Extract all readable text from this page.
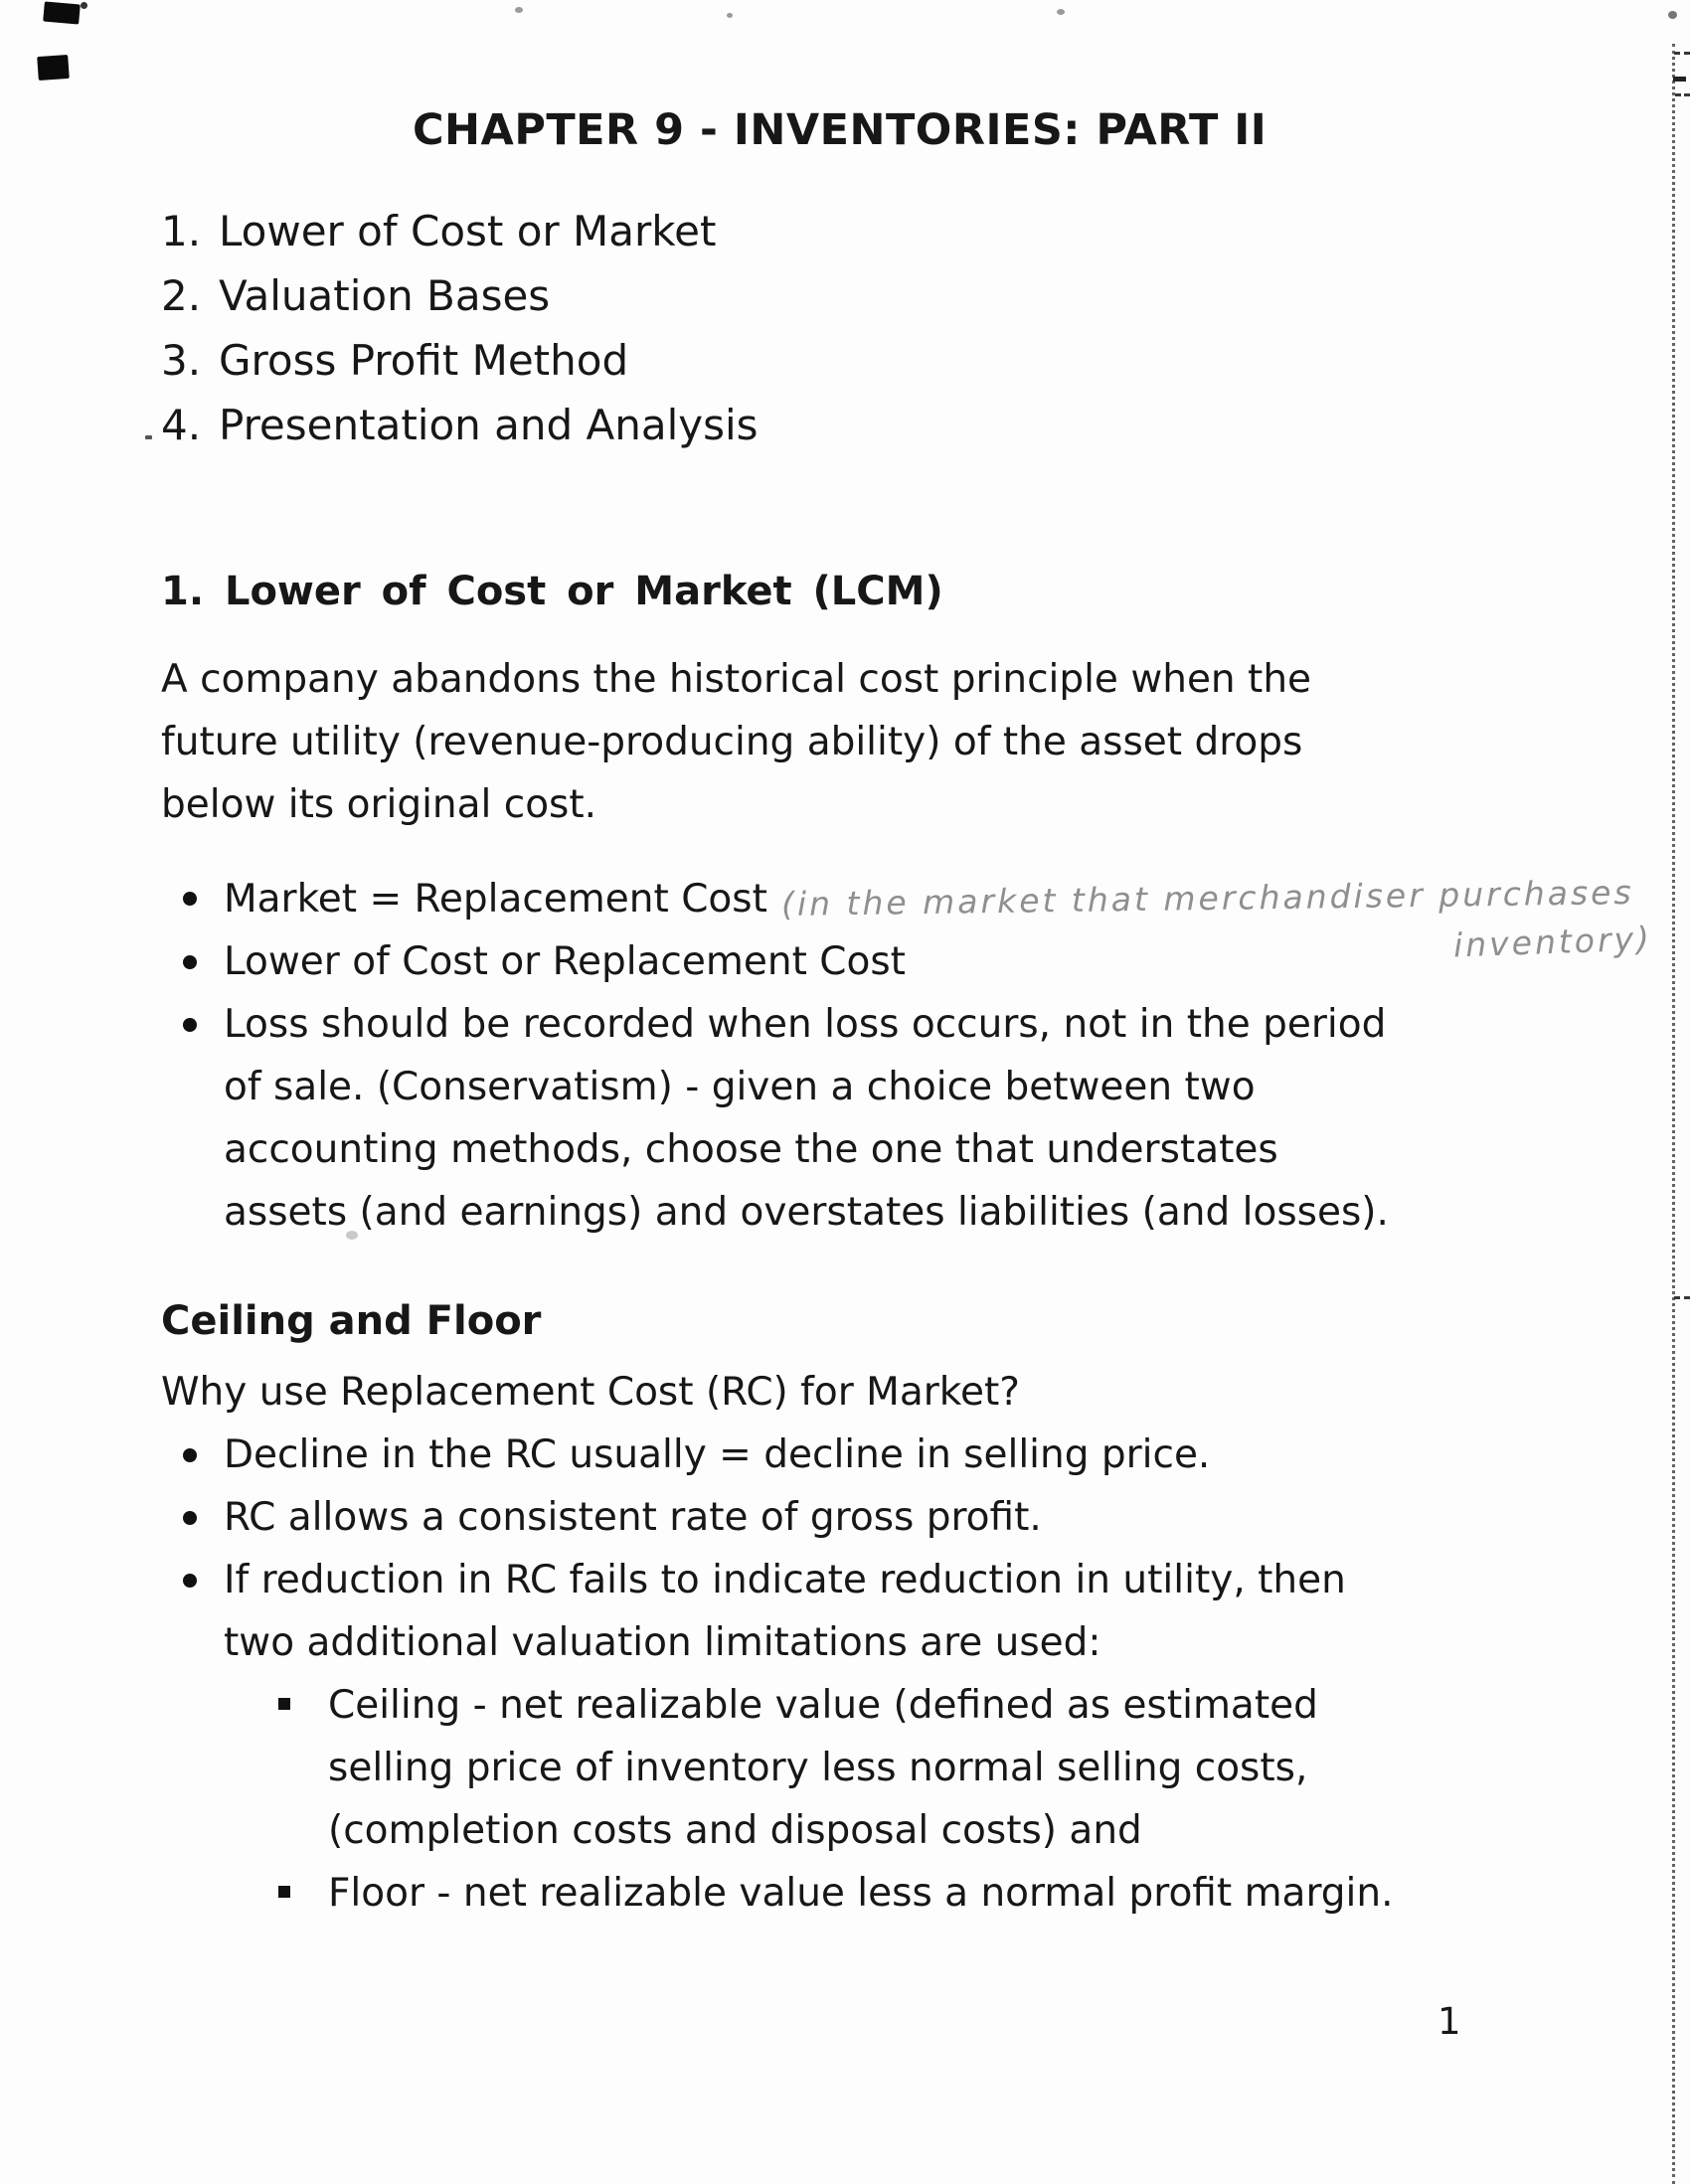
CHAPTER 9 - INVENTORIES: PART II
1. Lower of Cost or Market
2. Valuation Bases
3. Gross Profit Method
4. Presentation and Analysis
1. Lower of Cost or Market (LCM)
A company abandons the historical cost principle when the
future utility (revenue-producing ability) of the asset drops
below its original cost.
Market = Replacement Cost (in the market that merchandiser purchases
Lower of Cost or Replacement Cost
Loss should be recorded when loss occurs, not in the period
of sale. (Conservatism) - given a choice between two
accounting methods, choose the one that understates
assets (and earnings) and overstates liabilities (and losses).
inventory)
Ceiling and Floor
Why use Replacement Cost (RC) for Market?
Decline in the RC usually = decline in selling price.
RC allows a consistent rate of gross profit.
If reduction in RC fails to indicate reduction in utility, then
two additional valuation limitations are used:
Ceiling - net realizable value (defined as estimated
selling price of inventory less normal selling costs,
(completion costs and disposal costs) and
Floor - net realizable value less a normal profit margin.
1
